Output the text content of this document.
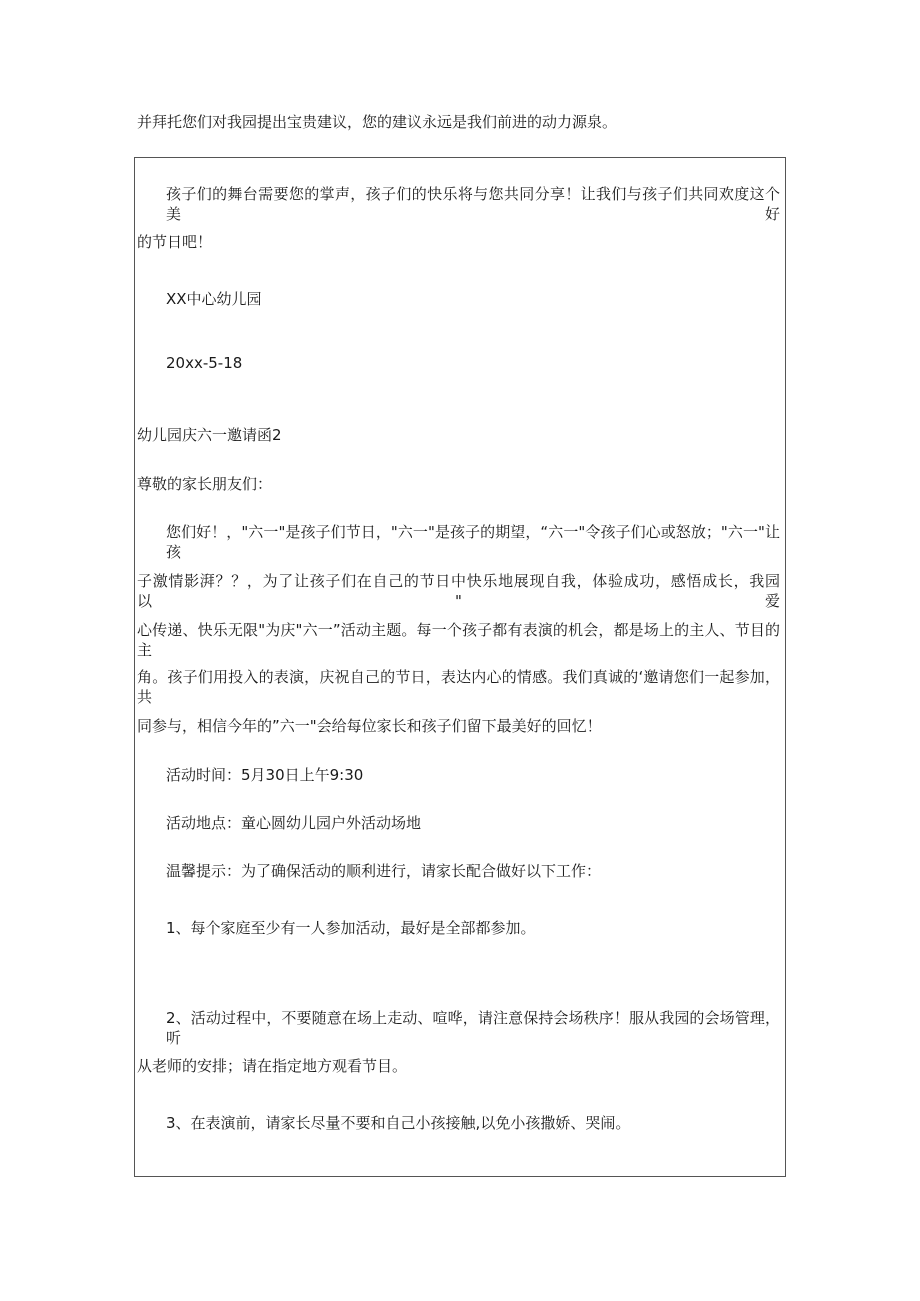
并拜托您们对我园提出宝贵建议，您的建议永远是我们前进的动力源泉。

孩子们的舞台需要您的掌声，孩子们的快乐将与您共同分享！让我们与孩子们共同欢度这个美好

的节日吧！

XX中心幼儿园

20xx-5-18

幼儿园庆六一邀请函2

尊敬的家长朋友们：

您们好！，"六一"是孩子们节日，"六一"是孩子的期望，“六一"令孩子们心或怒放；"六一"让孩

子激情影湃？？，为了让孩子们在自己的节日中快乐地展现自我，体验成功，感悟成长，我园以"爱

心传递、快乐无限"为庆"六一”活动主题。每一个孩子都有表演的机会，都是场上的主人、节目的主

角。孩子们用投入的表演，庆祝自己的节日，表达内心的情感。我们真诚的‘邀请您们一起参加，共

同参与，相信今年的”六一"会给每位家长和孩子们留下最美好的回忆！

活动时间：5月30日上午9:30

活动地点：童心圆幼儿园户外活动场地

温馨提示：为了确保活动的顺利进行，请家长配合做好以下工作：

1、每个家庭至少有一人参加活动，最好是全部都参加。

2、活动过程中，不要随意在场上走动、喧哗，请注意保持会场秩序！服从我园的会场管理，听

从老师的安排；请在指定地方观看节目。

3、在表演前，请家长尽量不要和自己小孩接触,以免小孩撒娇、哭闹。
